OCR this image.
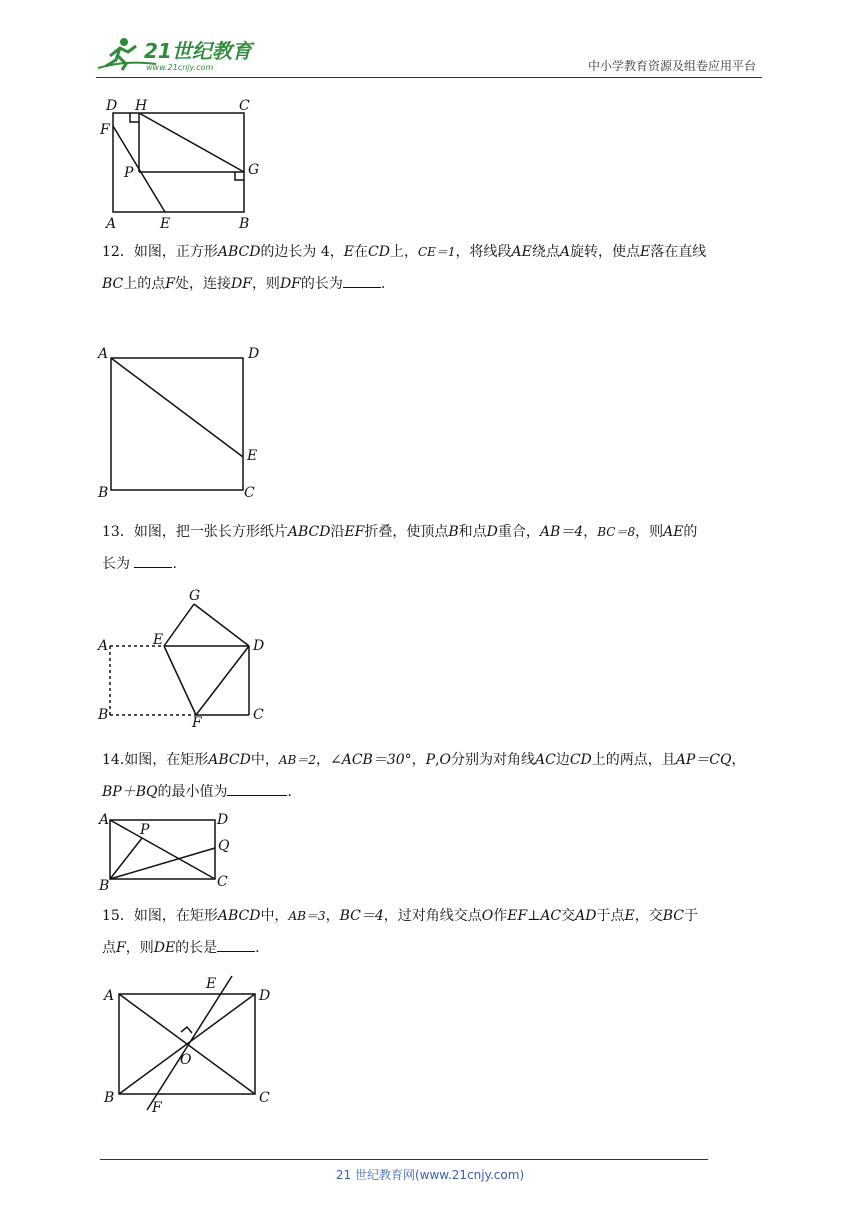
21世纪教育
www.21cnjy.com	中小学教育资源及组卷应用平台
D H	C
F
P	G
A	E	B
12．如图，正方形ABCD的边长为 4，E在CD上，CE＝1，将线段AE绕点A旋转，使点E落在直线
BC上的点F处，连接DF，则DF的长为	.
A	D
E
B	C
13．如图，把一张长方形纸片ABCD沿EF折叠，使顶点B和点D重合，AB＝4，BC＝8，则AE的
长为	.
G
A	E	D
B	F	C
14.如图，在矩形ABCD中，AB＝2，∠ACB＝30°，P,O分别为对角线AC边CD上的两点，且AP＝CQ，
BP＋BQ的最小值为	.
A
P
D
Q
B	C
15．如图，在矩形ABCD中，AB＝3，BC＝4，过对角线交点O作EF⊥AC交AD于点E，交BC于
点F，则DE的长是	.
A
E
D
O
B
F
C
21 世纪教育网(www.21cnjy.com)
